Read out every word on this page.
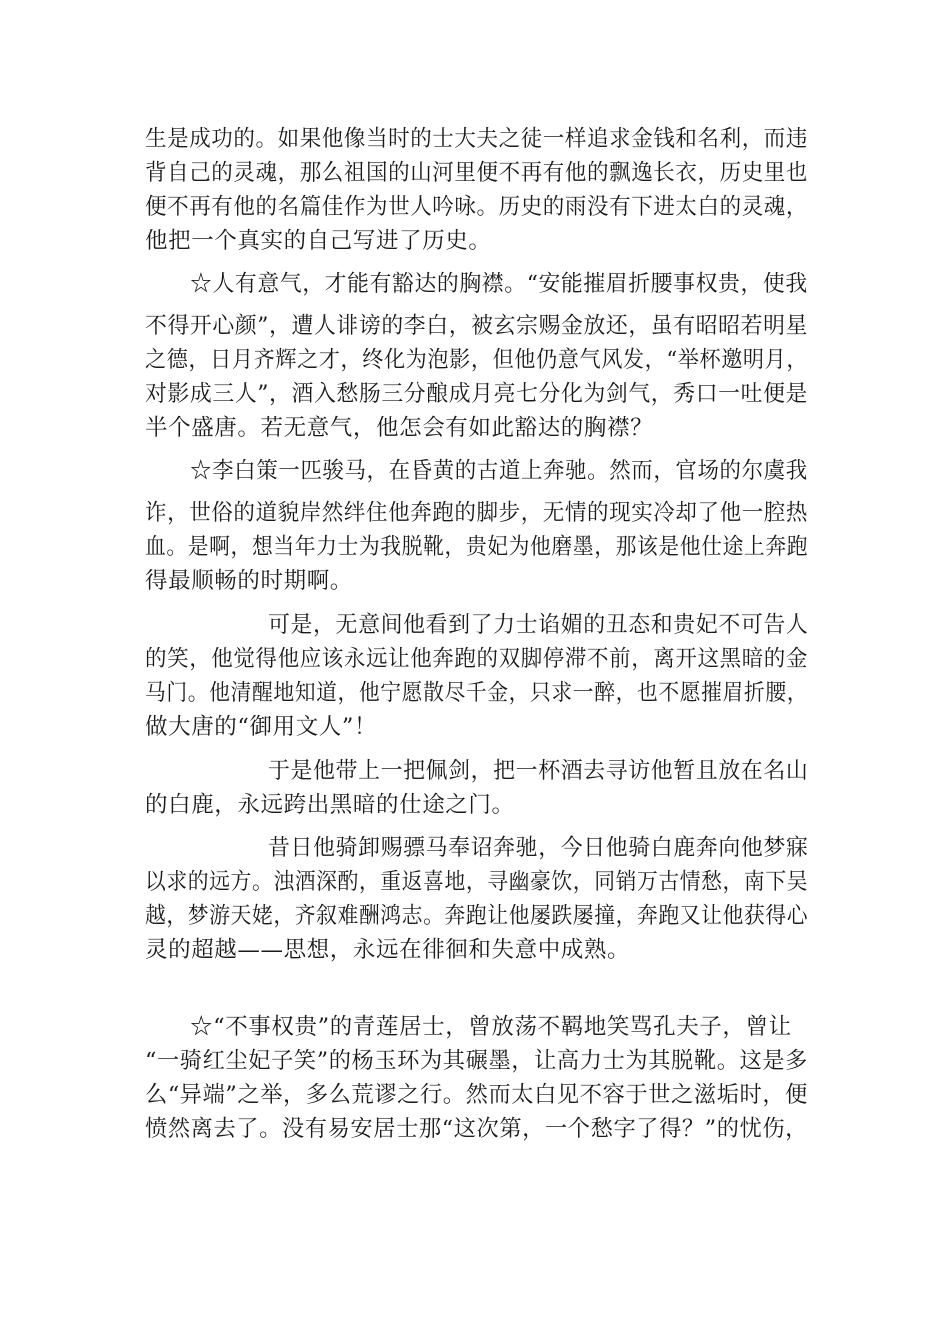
生是成功的。如果他像当时的士大夫之徒一样追求金钱和名利，而违
背自己的灵魂，那么祖国的山河里便不再有他的飘逸长衣，历史里也
便不再有他的名篇佳作为世人吟咏。历史的雨没有下进太白的灵魂，
他把一个真实的自己写进了历史。
☆人有意气，才能有豁达的胸襟。“安能摧眉折腰事权贵，使我
不得开心颜”，遭人诽谤的李白，被玄宗赐金放还，虽有昭昭若明星
之德，日月齐辉之才，终化为泡影，但他仍意气风发，“举杯邀明月，
对影成三人”，酒入愁肠三分酿成月亮七分化为剑气，秀口一吐便是
半个盛唐。若无意气，他怎会有如此豁达的胸襟？
☆李白策一匹骏马，在昏黄的古道上奔驰。然而，官场的尔虞我
诈，世俗的道貌岸然绊住他奔跑的脚步，无情的现实冷却了他一腔热
血。是啊，想当年力士为我脱靴，贵妃为他磨墨，那该是他仕途上奔跑
得最顺畅的时期啊。
可是，无意间他看到了力士谄媚的丑态和贵妃不可告人
的笑，他觉得他应该永远让他奔跑的双脚停滞不前，离开这黑暗的金
马门。他清醒地知道，他宁愿散尽千金，只求一醉，也不愿摧眉折腰，
做大唐的“御用文人”！
于是他带上一把佩剑，把一杯酒去寻访他暂且放在名山
的白鹿，永远跨出黑暗的仕途之门。
昔日他骑卸赐骠马奉诏奔驰，今日他骑白鹿奔向他梦寐
以求的远方。浊酒深酌，重返喜地，寻幽豪饮，同销万古情愁，南下吴
越，梦游天姥，齐叙难酬鸿志。奔跑让他屡跌屡撞，奔跑又让他获得心
灵的超越——思想，永远在徘徊和失意中成熟。
☆“不事权贵”的青莲居士，曾放荡不羁地笑骂孔夫子，曾让
“一骑红尘妃子笑”的杨玉环为其碾墨，让高力士为其脱靴。这是多
么“异端”之举，多么荒谬之行。然而太白见不容于世之滋垢时，便
愤然离去了。没有易安居士那“这次第，一个愁字了得？”的忧伤，
